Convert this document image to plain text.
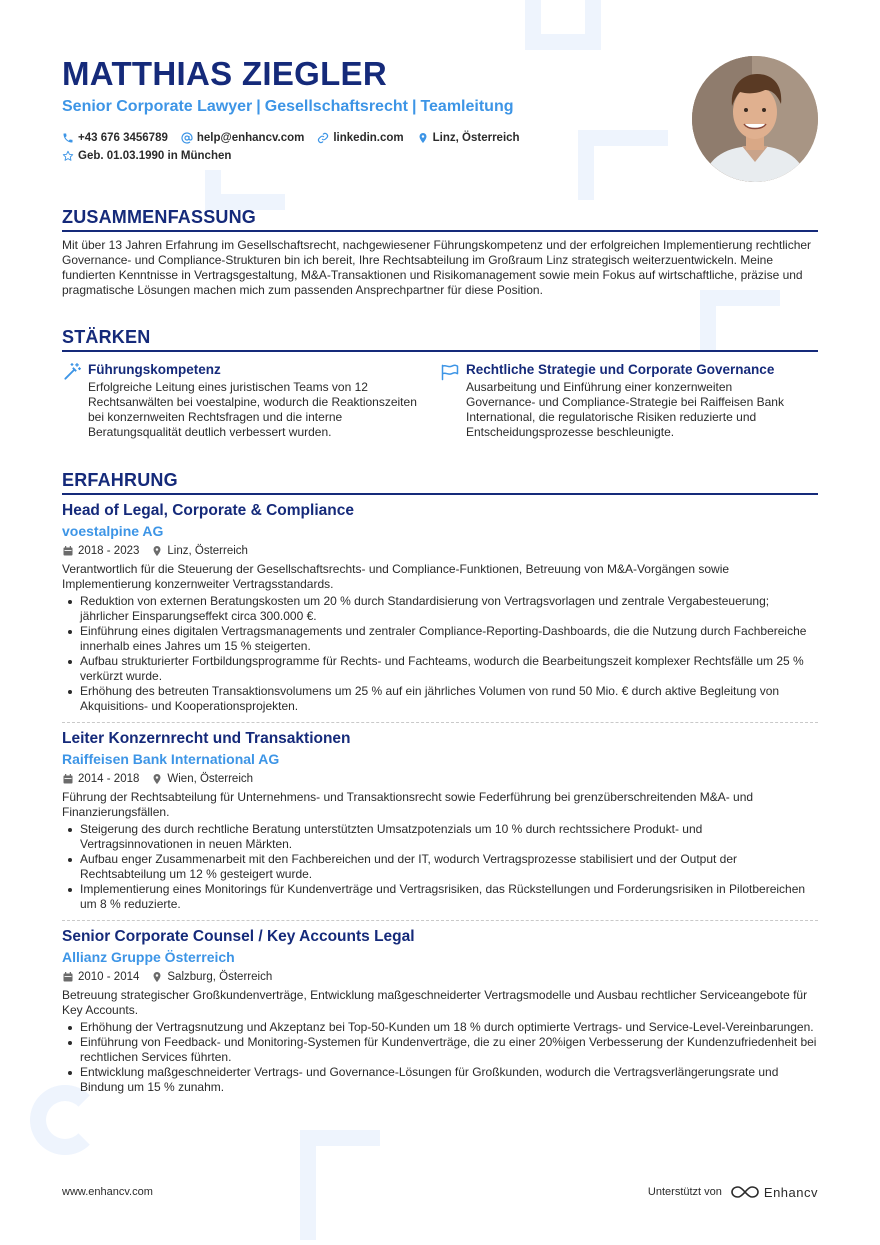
MATTHIAS ZIEGLER
Senior Corporate Lawyer | Gesellschaftsrecht | Teamleitung
+43 676 3456789	help@enhancv.com	linkedin.com	Linz, Österreich
Geb. 01.03.1990 in München
ZUSAMMENFASSUNG
Mit über 13 Jahren Erfahrung im Gesellschaftsrecht, nachgewiesener Führungskompetenz und der erfolgreichen Implementierung rechtlicher Governance- und Compliance-Strukturen bin ich bereit, Ihre Rechtsabteilung im Großraum Linz strategisch weiterzuentwickeln. Meine fundierten Kenntnisse in Vertragsgestaltung, M&A-Transaktionen und Risikomanagement sowie mein Fokus auf wirtschaftliche, präzise und pragmatische Lösungen machen mich zum passenden Ansprechpartner für diese Position.
STÄRKEN
Führungskompetenz
Erfolgreiche Leitung eines juristischen Teams von 12 Rechtsanwälten bei voestalpine, wodurch die Reaktionszeiten bei konzernweiten Rechtsfragen und die interne Beratungsqualität deutlich verbessert wurden.
Rechtliche Strategie und Corporate Governance
Ausarbeitung und Einführung einer konzernweiten Governance- und Compliance-Strategie bei Raiffeisen Bank International, die regulatorische Risiken reduzierte und Entscheidungsprozesse beschleunigte.
ERFAHRUNG
Head of Legal, Corporate & Compliance
voestalpine AG
2018 - 2023 Linz, Österreich
Verantwortlich für die Steuerung der Gesellschaftsrechts- und Compliance-Funktionen, Betreuung von M&A-Vorgängen sowie Implementierung konzernweiter Vertragsstandards.
Reduktion von externen Beratungskosten um 20 % durch Standardisierung von Vertragsvorlagen und zentrale Vergabesteuerung; jährlicher Einsparungseffekt circa 300.000 €.
Einführung eines digitalen Vertragsmanagements und zentraler Compliance-Reporting-Dashboards, die die Nutzung durch Fachbereiche innerhalb eines Jahres um 15 % steigerten.
Aufbau strukturierter Fortbildungsprogramme für Rechts- und Fachteams, wodurch die Bearbeitungszeit komplexer Rechtsfälle um 25 % verkürzt wurde.
Erhöhung des betreuten Transaktionsvolumens um 25 % auf ein jährliches Volumen von rund 50 Mio. € durch aktive Begleitung von Akquisitions- und Kooperationsprojekten.
Leiter Konzernrecht und Transaktionen
Raiffeisen Bank International AG
2014 - 2018 Wien, Österreich
Führung der Rechtsabteilung für Unternehmens- und Transaktionsrecht sowie Federführung bei grenzüberschreitenden M&A- und Finanzierungsfällen.
Steigerung des durch rechtliche Beratung unterstützten Umsatzpotenzials um 10 % durch rechtssichere Produkt- und Vertragsinnovationen in neuen Märkten.
Aufbau enger Zusammenarbeit mit den Fachbereichen und der IT, wodurch Vertragsprozesse stabilisiert und der Output der Rechtsabteilung um 12 % gesteigert wurde.
Implementierung eines Monitorings für Kundenverträge und Vertragsrisiken, das Rückstellungen und Forderungsrisiken in Pilotbereichen um 8 % reduzierte.
Senior Corporate Counsel / Key Accounts Legal
Allianz Gruppe Österreich
2010 - 2014 Salzburg, Österreich
Betreuung strategischer Großkundenverträge, Entwicklung maßgeschneiderter Vertragsmodelle und Ausbau rechtlicher Serviceangebote für Key Accounts.
Erhöhung der Vertragsnutzung und Akzeptanz bei Top-50-Kunden um 18 % durch optimierte Vertrags- und Service-Level-Vereinbarungen.
Einführung von Feedback- und Monitoring-Systemen für Kundenverträge, die zu einer 20%igen Verbesserung der Kundenzufriedenheit bei rechtlichen Services führten.
Entwicklung maßgeschneiderter Vertrags- und Governance-Lösungen für Großkunden, wodurch die Vertragsverlängerungsrate und Bindung um 15 % zunahm.
www.enhancv.com	Unterstützt von	Enhancv
